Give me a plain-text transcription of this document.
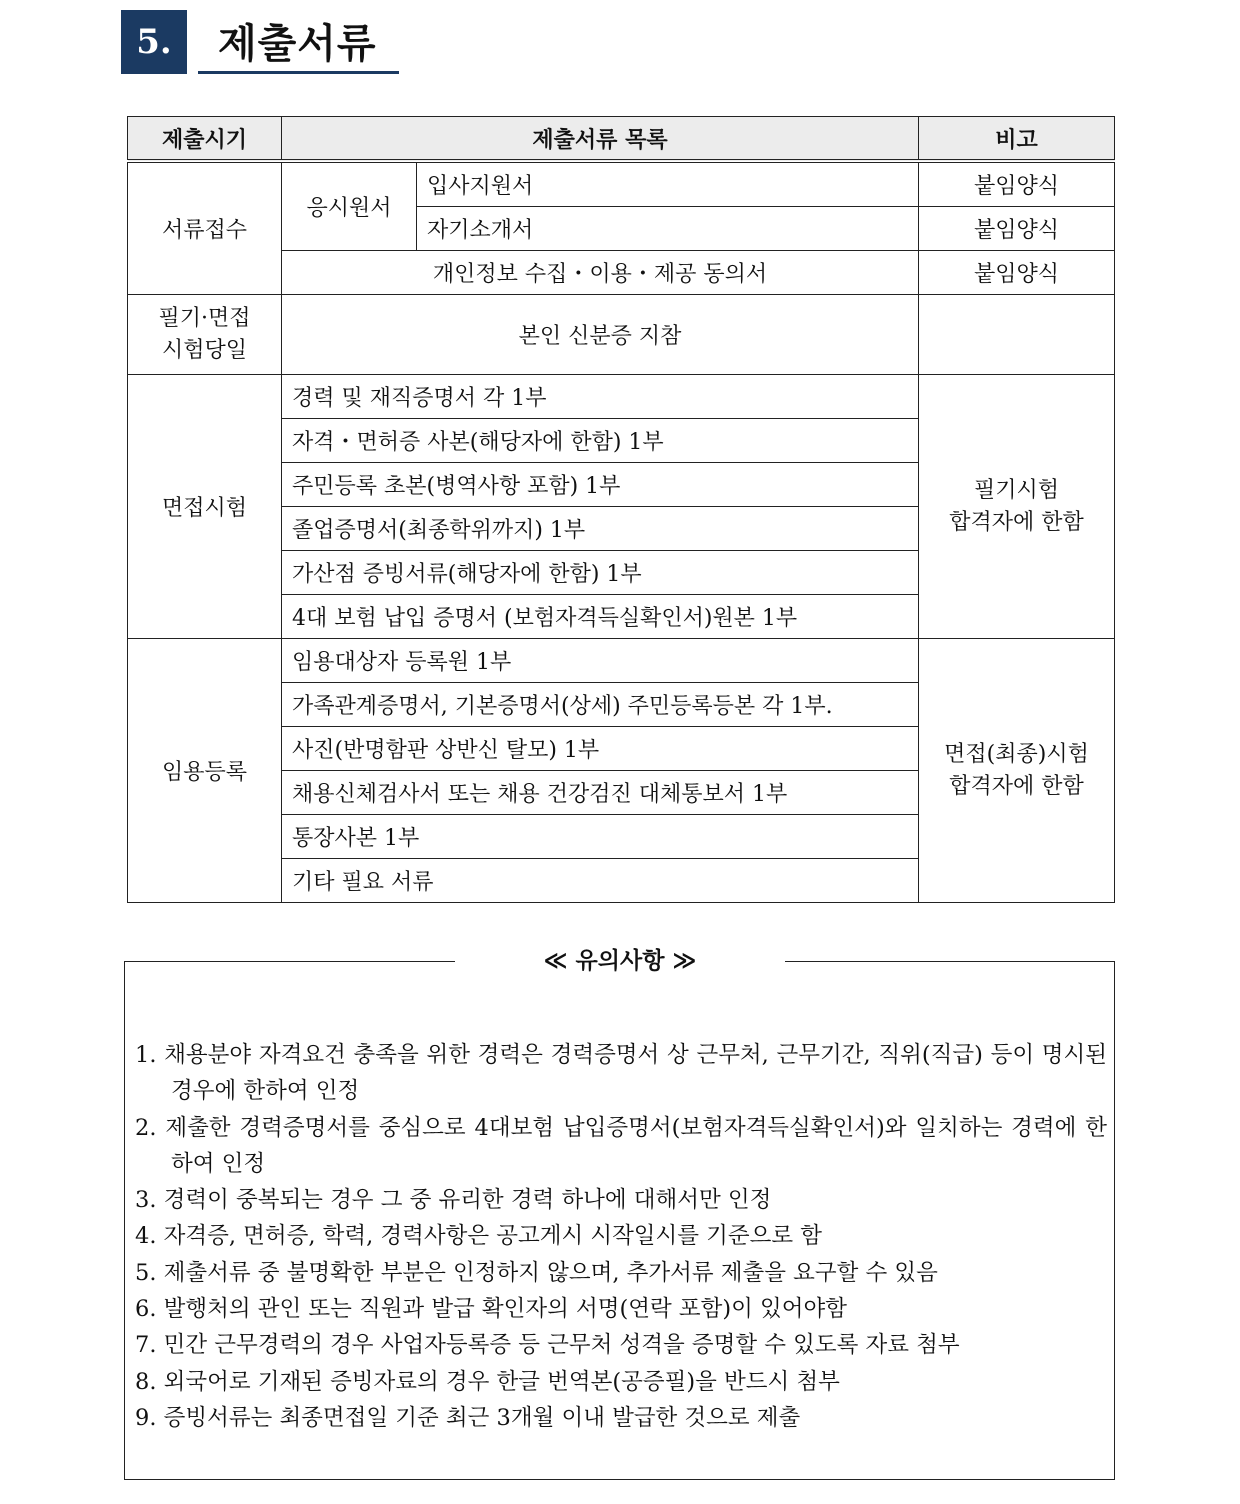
5.	제출서류
제출시기	제출서류 목록		비고
서류접수	응시원서	입사지원서	붙임양식
		자기소개서	붙임양식
	개인정보 수집・이용・제공 동의서		붙임양식

필기·면접
시험당일	본인 신분증 지참		
면접시험	경력 및 재직증명서 각 1부		필기시험
합격자에 한함

	자격・면허증 사본(해당자에 한함) 1부		
	주민등록 초본(병역사항 포함) 1부		
	졸업증명서(최종학위까지) 1부		
	가산점 증빙서류(해당자에 한함) 1부		
	4대 보험 납입 증명서 (보험자격득실확인서)원본 1부		
임용등록	임용대상자 등록원 1부		면접(최종)시험
합격자에 한함

	가족관계증명서, 기본증명서(상세) 주민등록등본 각 1부.		
	사진(반명함판 상반신 탈모) 1부		
	채용신체검사서 또는 채용 건강검진 대체통보서 1부		
	통장사본 1부		
	기타 필요 서류		
≪ 유의사항 ≫
1. 채용분야 자격요건 충족을 위한 경력은 경력증명서 상 근무처, 근무기간, 직위(직급) 등이 명시된 경우에 한하여 인정
2. 제출한 경력증명서를 중심으로 4대보험 납입증명서(보험자격득실확인서)와 일치하는 경력에 한하여 인정
3. 경력이 중복되는 경우 그 중 유리한 경력 하나에 대해서만 인정
4. 자격증, 면허증, 학력, 경력사항은 공고게시 시작일시를 기준으로 함
5. 제출서류 중 불명확한 부분은 인정하지 않으며, 추가서류 제출을 요구할 수 있음
6. 발행처의 관인 또는 직원과 발급 확인자의 서명(연락 포함)이 있어야함
7. 민간 근무경력의 경우 사업자등록증 등 근무처 성격을 증명할 수 있도록 자료 첨부
8. 외국어로 기재된 증빙자료의 경우 한글 번역본(공증필)을 반드시 첨부
9. 증빙서류는 최종면접일 기준 최근 3개월 이내 발급한 것으로 제출
